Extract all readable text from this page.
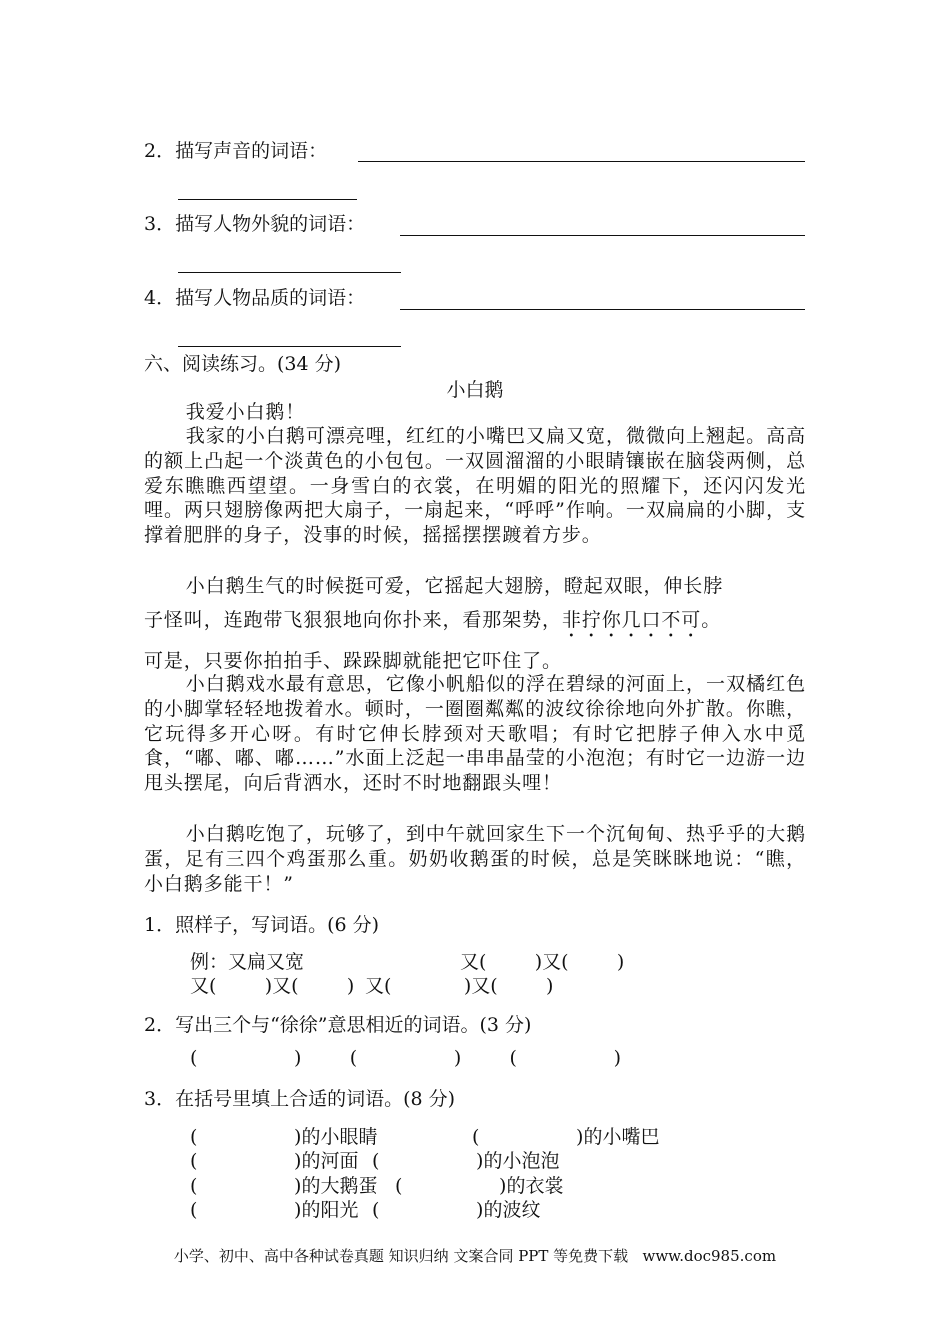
2．描写声音的词语：
3．描写人物外貌的词语：
4．描写人物品质的词语：
六、阅读练习。(34 分)
小白鹅
我爱小白鹅！
我家的小白鹅可漂亮哩，红红的小嘴巴又扁又宽，微微向上翘起。高高的额上凸起一个淡黄色的小包包。一双圆溜溜的小眼睛镶嵌在脑袋两侧，总爱东瞧瞧西望望。一身雪白的衣裳，在明媚的阳光的照耀下，还闪闪发光哩。两只翅膀像两把大扇子，一扇起来，“呼呼”作响。一双扁扁的小脚，支撑着肥胖的身子，没事的时候，摇摇摆摆踱着方步。
小白鹅生气的时候挺可爱，它摇起大翅膀，瞪起双眼，伸长脖
子怪叫，连跑带飞狠狠地向你扑来，看那架势，非拧你几口不可。
可是，只要你拍拍手、跺跺脚就能把它吓住了。
小白鹅戏水最有意思，它像小帆船似的浮在碧绿的河面上，一双橘红色的小脚掌轻轻地拨着水。顿时，一圈圈粼粼的波纹徐徐地向外扩散。你瞧，它玩得多开心呀。有时它伸长脖颈对天歌唱；有时它把脖子伸入水中觅食，“嘟、嘟、嘟……”水面上泛起一串串晶莹的小泡泡；有时它一边游一边甩头摆尾，向后背洒水，还时不时地翻跟头哩！
小白鹅吃饱了，玩够了，到中午就回家生下一个沉甸甸、热乎乎的大鹅蛋，足有三四个鸡蛋那么重。奶奶收鹅蛋的时候，总是笑眯眯地说：“瞧，小白鹅多能干！”
1．照样子，写词语。(6 分)
例：又扁又宽	又(        )又(        )
又(        )又(        ) 又(            )又(        )
2．写出三个与“徐徐”意思相近的词语。(3 分)
(                )        (                )        (                )
3．在括号里填上合适的词语。(8 分)
(                )的小眼睛	(                )的小嘴巴
(                )的河面 (                )的小泡泡
(                )的大鹅蛋 (                )的衣裳
(                )的阳光 (                )的波纹
小学、初中、高中各种试卷真题 知识归纳 文案合同 PPT 等免费下载   www.doc985.com
